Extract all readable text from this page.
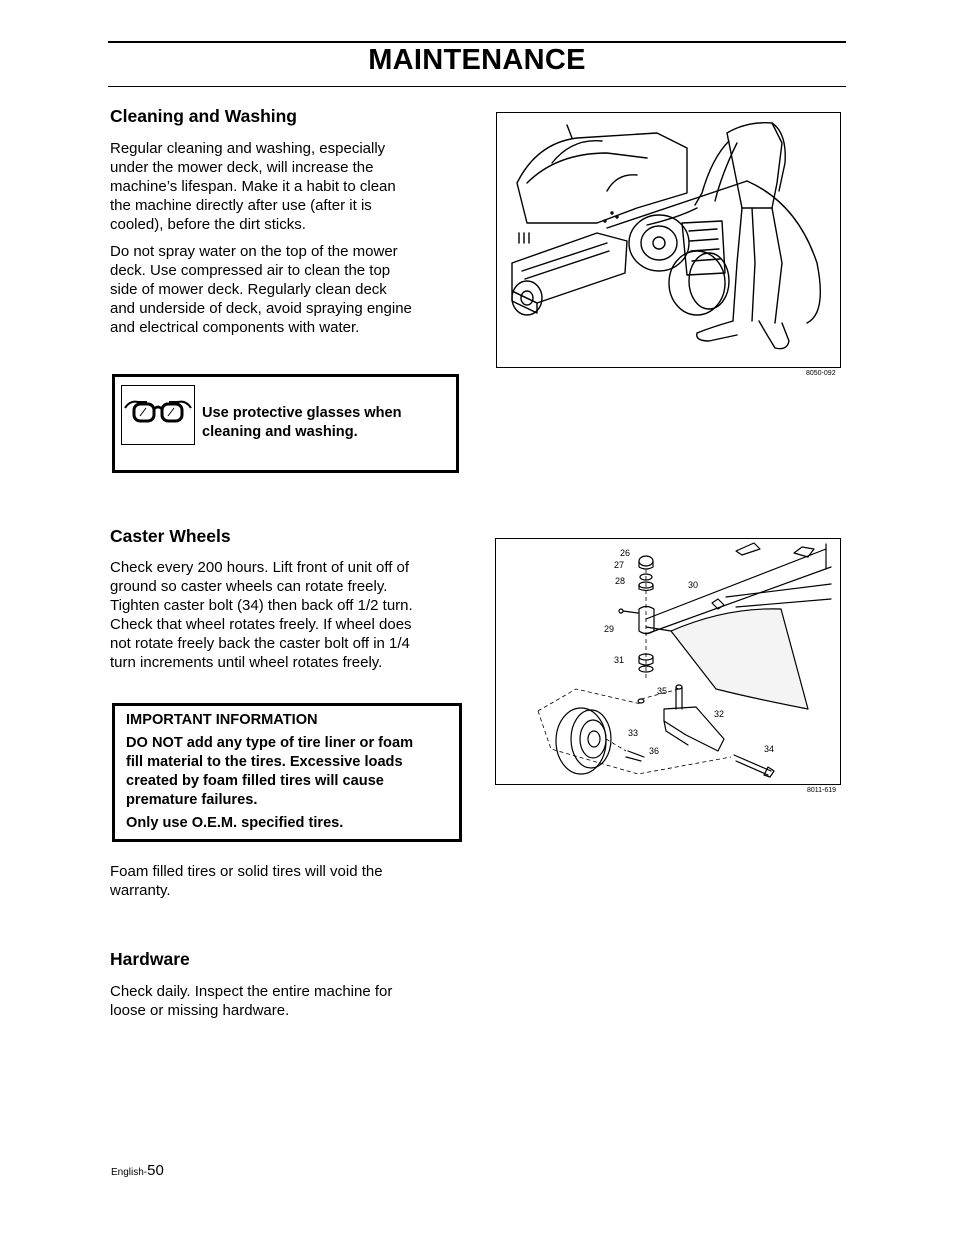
MAINTENANCE
Cleaning and Washing
Regular cleaning and washing, especially
under the mower deck, will increase the
machine’s lifespan. Make it a habit to clean
the machine directly after use (after it is
cooled), before the dirt sticks.
Do not spray water on the top of the mower
deck. Use compressed air to clean the top
side of mower deck. Regularly clean deck
and underside of deck, avoid spraying engine
and electrical components with water.
Use protective glasses when
cleaning and washing.
8050-092
Caster Wheels
Check every 200 hours. Lift front of unit off of
ground so caster wheels can rotate freely.
Tighten caster bolt (34) then back off 1/2 turn.
Check that wheel rotates freely. If wheel does
not rotate freely back the caster bolt off in 1/4
turn increments until wheel rotates freely.
IMPORTANT INFORMATION
DO NOT add any type of tire liner or foam
fill material to the tires. Excessive loads
created by foam filled tires will cause
premature failures.
Only use O.E.M. specified tires.
Foam filled tires or solid tires will void the
warranty.
26
27
28	30
29
31
35
32
33
36	34
8011-619
Hardware
Check daily. Inspect the entire machine for
loose or missing hardware.
English-50
